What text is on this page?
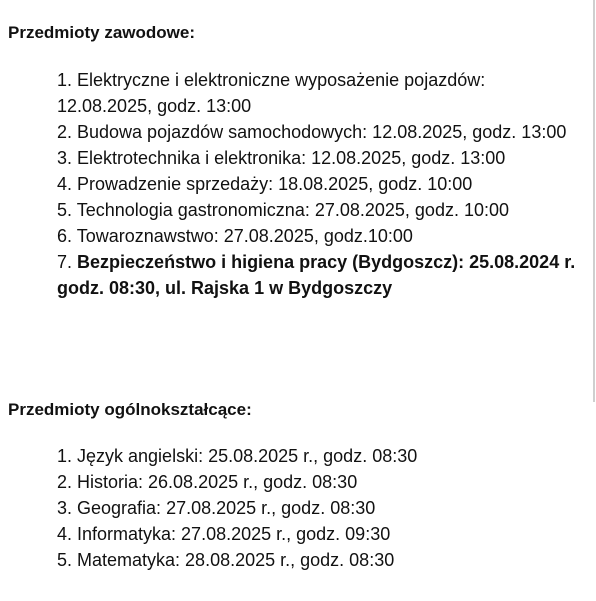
Przedmioty zawodowe:
1. Elektryczne i elektroniczne wyposażenie pojazdów: 12.08.2025, godz. 13:00
2. Budowa pojazdów samochodowych: 12.08.2025, godz. 13:00
3. Elektrotechnika i elektronika: 12.08.2025, godz. 13:00
4. Prowadzenie sprzedaży: 18.08.2025, godz. 10:00
5. Technologia gastronomiczna: 27.08.2025, godz. 10:00
6. Towaroznawstwo: 27.08.2025, godz.10:00
7. Bezpieczeństwo i higiena pracy (Bydgoszcz): 25.08.2024 r. godz. 08:30, ul. Rajska 1 w Bydgoszczy
Przedmioty ogólnokształcące:
1. Język angielski: 25.08.2025 r., godz. 08:30
2. Historia: 26.08.2025 r., godz. 08:30
3. Geografia: 27.08.2025 r., godz. 08:30
4. Informatyka: 27.08.2025 r., godz. 09:30
5. Matematyka: 28.08.2025 r., godz. 08:30
